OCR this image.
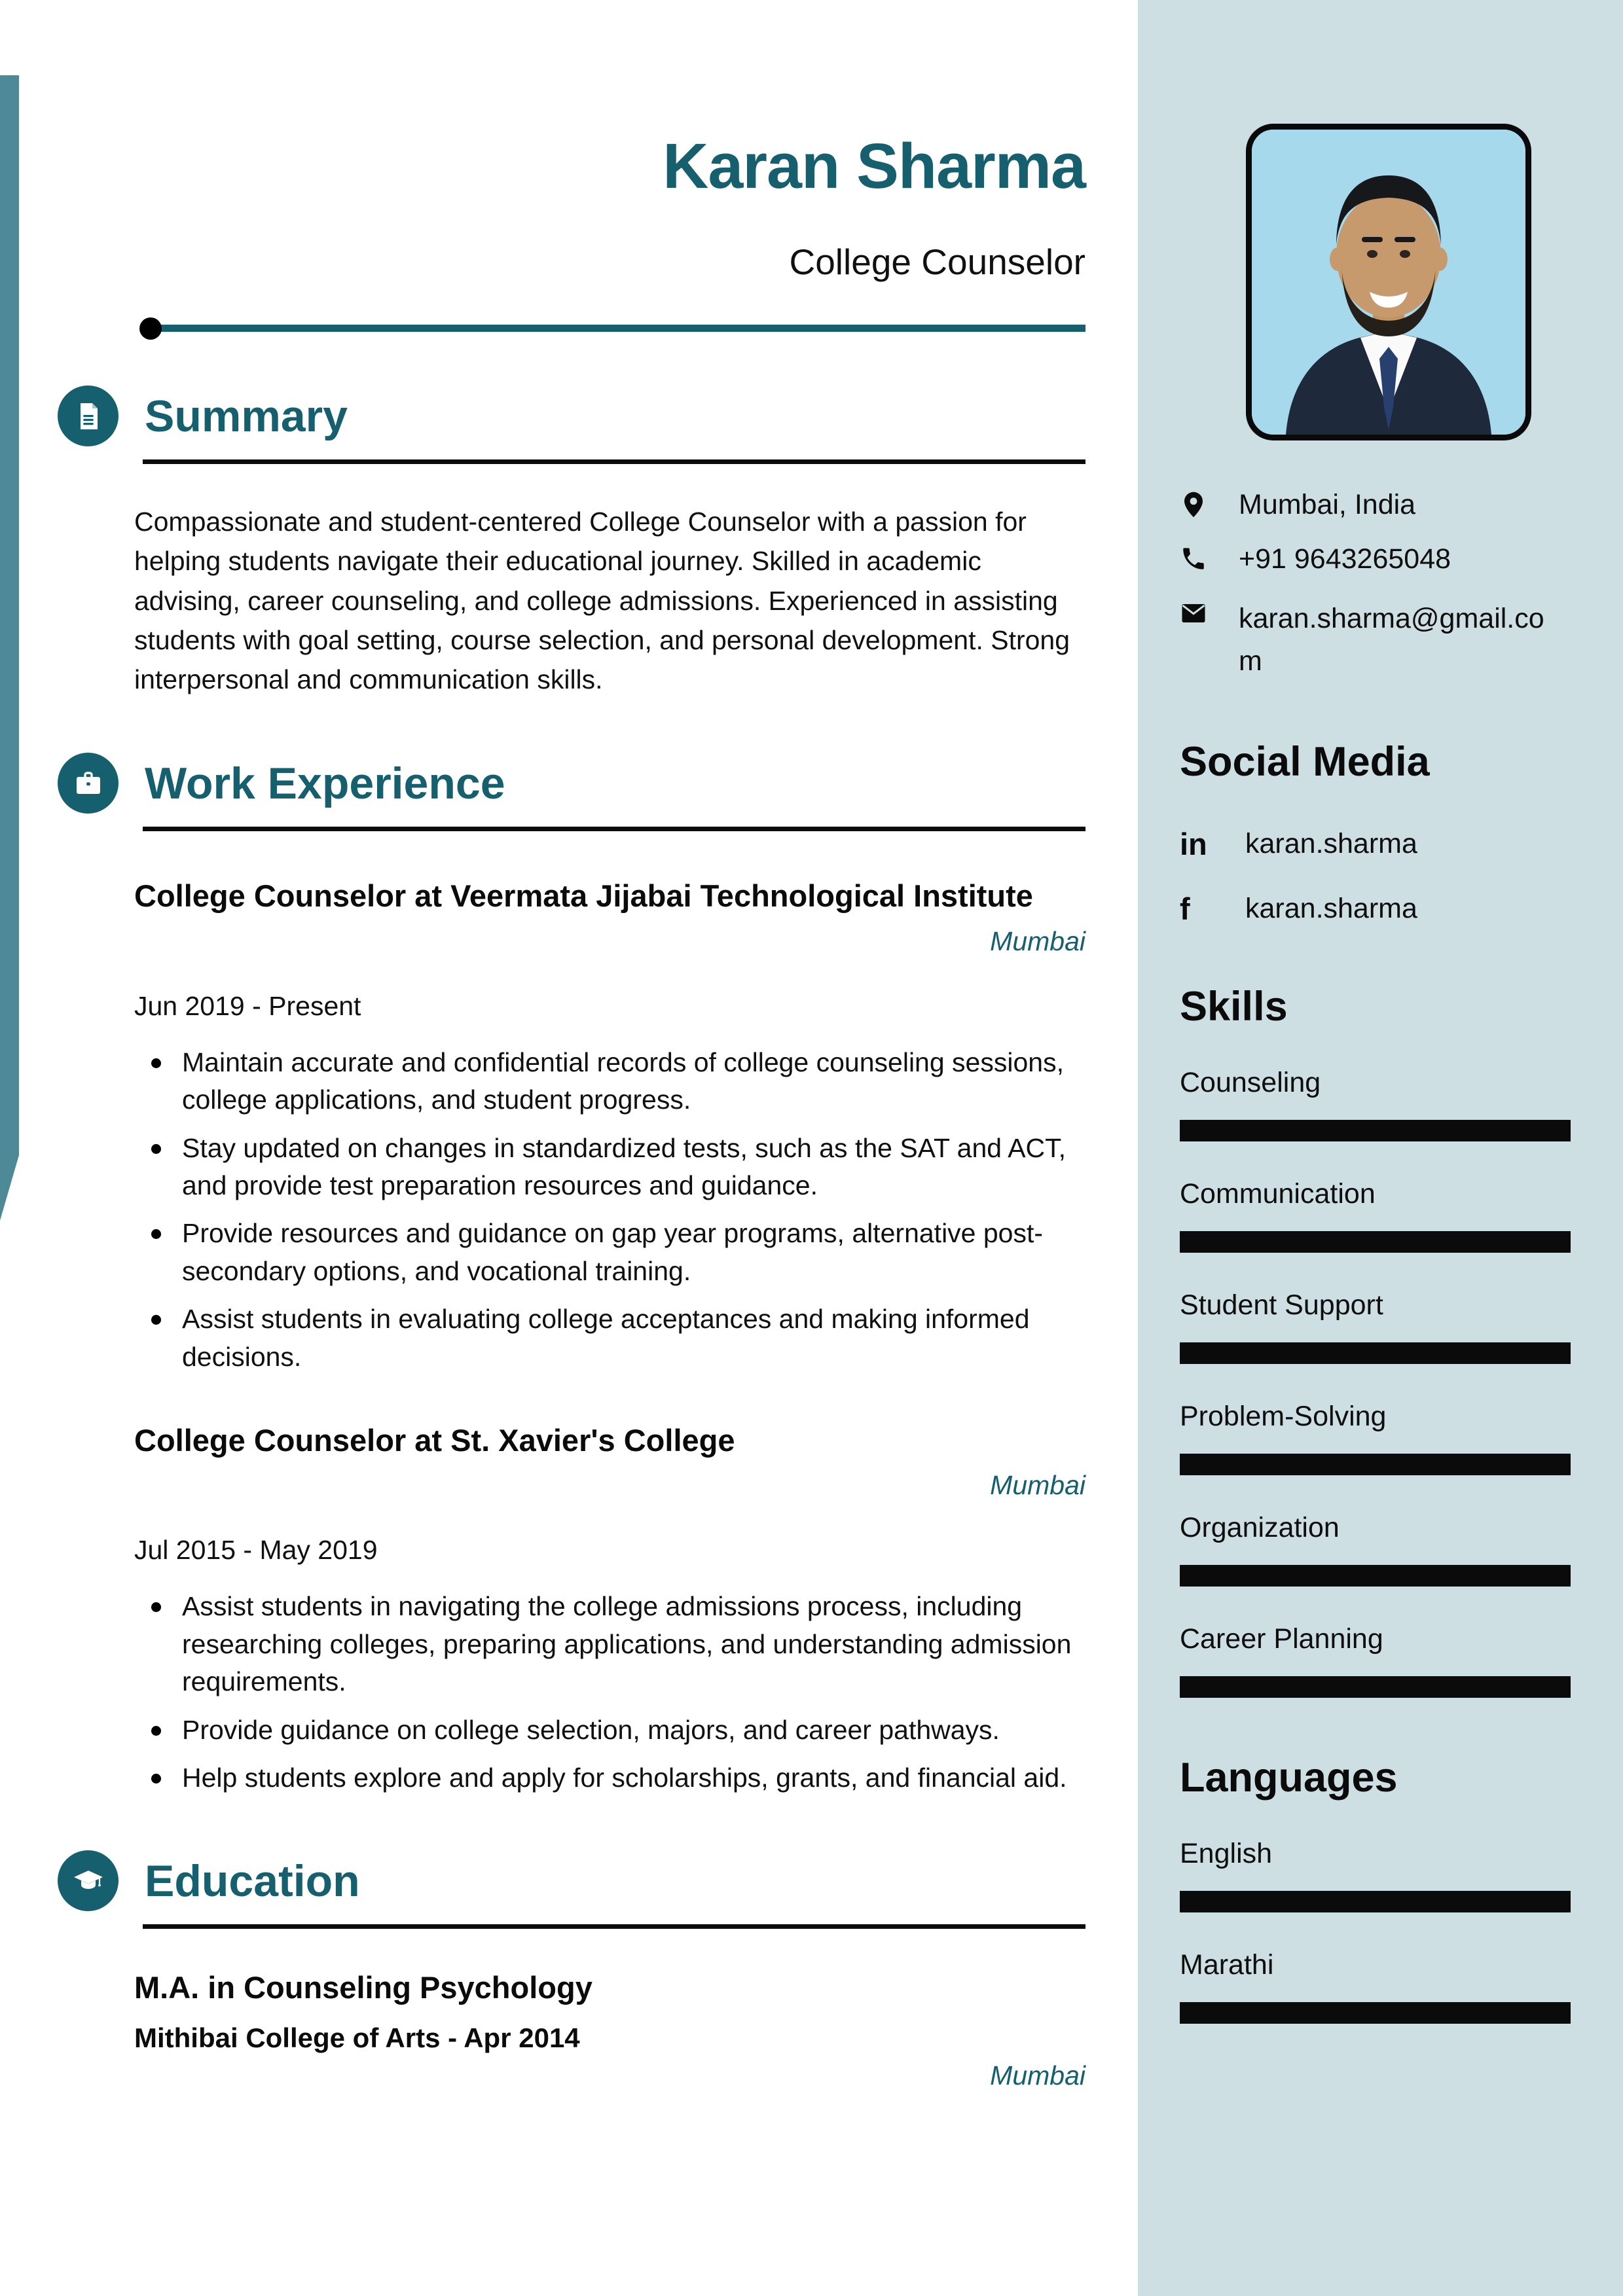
Karan Sharma
College Counselor
Summary

Compassionate and student-centered College Counselor with a passion for helping students navigate their educational journey. Skilled in academic advising, career counseling, and college admissions. Experienced in assisting students with goal setting, course selection, and personal development. Strong interpersonal and communication skills.

Work Experience
College Counselor at Veermata Jijabai Technological Institute
Mumbai
Jun 2019 - Present
Maintain accurate and confidential records of college counseling sessions, college applications, and student progress.
Stay updated on changes in standardized tests, such as the SAT and ACT, and provide test preparation resources and guidance.
Provide resources and guidance on gap year programs, alternative post-secondary options, and vocational training.
Assist students in evaluating college acceptances and making informed decisions.
College Counselor at St. Xavier's College
Mumbai
Jul 2015 - May 2019
Assist students in navigating the college admissions process, including researching colleges, preparing applications, and understanding admission requirements.
Provide guidance on college selection, majors, and career pathways.
Help students explore and apply for scholarships, grants, and financial aid.
Education
M.A. in Counseling Psychology
Mithibai College of Arts - Apr 2014
Mumbai
Mumbai, India
+91 9643265048
karan.sharma@gmail.com
Social Media
in karan.sharma
f	karan.sharma
Skills
Counseling
Communication
Student Support
Problem-Solving
Organization
Career Planning
Languages
English
Marathi
